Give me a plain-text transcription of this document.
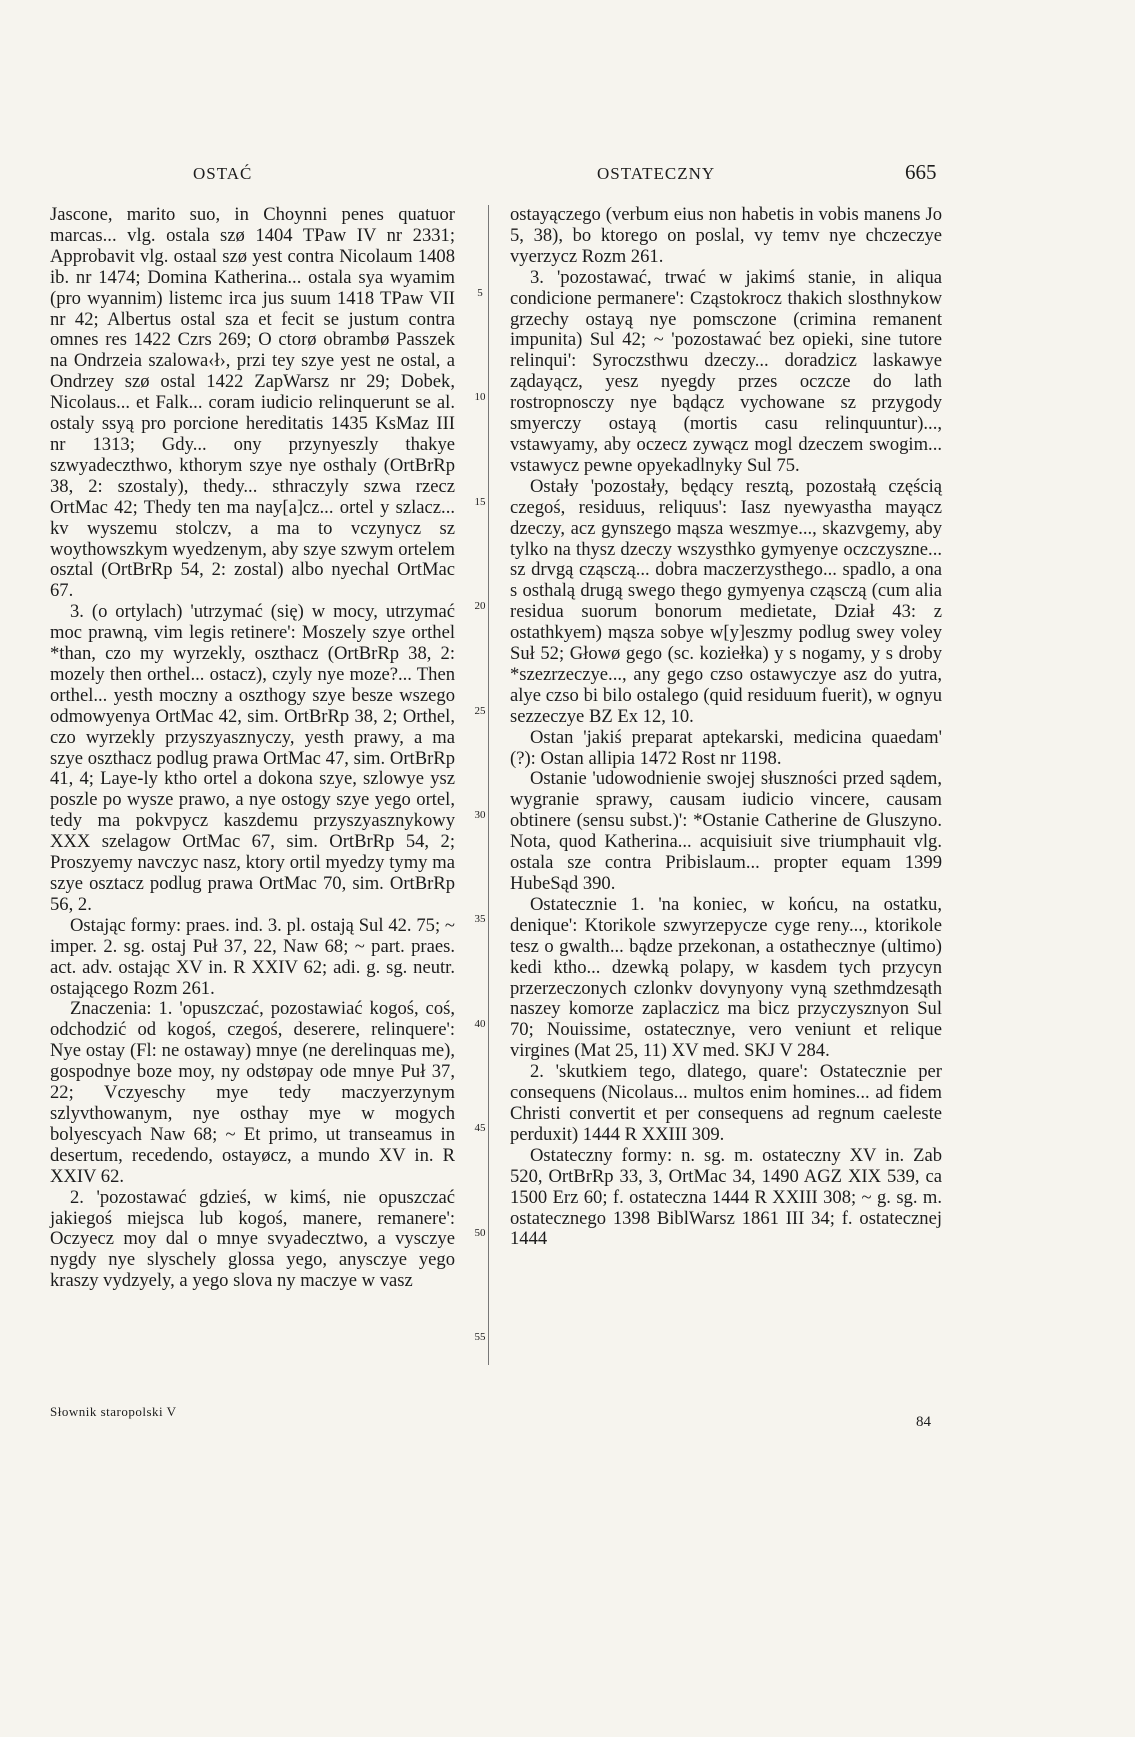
OSTAĆ	OSTATECZNY	665

Jascone, marito suo, in Choynni penes quatuor marcas... vlg. ostala szø 1404 TPaw IV nr 2331; Approbavit vlg. ostaal szø yest contra Nicolaum 1408 ib. nr 1474; Domina Katherina... ostala sya wyamim (pro wyannim) listemc irca jus suum 1418 TPaw VII nr 42; Albertus ostal sza et fecit se justum contra omnes res 1422 Czrs 269; O ctorø obrambø Passzek na Ondrzeia szalowa‹ł›, przi tey szye yest ne ostal, a Ondrzey szø ostal 1422 ZapWarsz nr 29; Dobek, Nicolaus... et Falk... coram iudicio relinquerunt se al. ostaly ssyą pro porcione hereditatis 1435 KsMaz III nr 1313; Gdy... ony przynyeszly thakye szwyadeczthwo, kthorym szye nye osthaly (OrtBrRp 38, 2: szostaly), thedy... sthraczyly szwa rzecz OrtMac 42; Thedy ten ma nay[a]cz... ortel y szlacz... kv wyszemu stolczv, a ma to vczynycz sz woythowszkym wyedzenym, aby szye szwym ortelem osztal (OrtBrRp 54, 2: zostal) albo nyechal OrtMac 67.

3. (o ortylach) 'utrzymać (się) w mocy, utrzymać moc prawną, vim legis retinere': Moszely szye orthel *than, czo my wyrzekly, oszthacz (OrtBrRp 38, 2: mozely then orthel... ostacz), czyly nye moze?... Then orthel... yesth moczny a oszthogy szye besze wszego odmowyenya OrtMac 42, sim. OrtBrRp 38, 2; Orthel, czo wyrzekly przyszyasznyczy, yesth prawy, a ma szye oszthacz podlug prawa OrtMac 47, sim. OrtBrRp 41, 4; Laye-ly ktho ortel a dokona szye, szlowye ysz poszle po wysze prawo, a nye ostogy szye yego ortel, tedy ma pokvpycz kaszdemu przyszyasznykowy XXX szelagow OrtMac 67, sim. OrtBrRp 54, 2; Proszyemy navczyc nasz, ktory ortil myedzy tymy ma szye osztacz podlug prawa OrtMac 70, sim. OrtBrRp 56, 2.

Ostając formy: praes. ind. 3. pl. ostają Sul 42. 75; ~ imper. 2. sg. ostaj Puł 37, 22, Naw 68; ~ part. praes. act. adv. ostając XV in. R XXIV 62; adi. g. sg. neutr. ostającego Rozm 261.

Znaczenia: 1. 'opuszczać, pozostawiać kogoś, coś, odchodzić od kogoś, czegoś, deserere, relinquere': Nye ostay (Fl: ne ostaway) mnye (ne derelinquas me), gospodnye boze moy, ny odstøpay ode mnye Puł 37, 22; Vczyeschy mye tedy maczyerzynym szlyvthowanym, nye osthay mye w mogych bolyescyach Naw 68; ~ Et primo, ut transeamus in desertum, recedendo, ostayøcz, a mundo XV in. R XXIV 62.

2. 'pozostawać gdzieś, w kimś, nie opuszczać jakiegoś miejsca lub kogoś, manere, remanere': Oczyecz moy dal o mnye svyadecztwo, a vysczye nygdy nye slyschely glossa yego, anysczye yego kraszy vydzyely, a yego slova ny maczye w vasz

5
10
15
20
25
30
35
40
45
50
55

ostayączego (verbum eius non habetis in vobis manens Jo 5, 38), bo ktorego on poslal, vy temv nye chczeczye vyerzycz Rozm 261.

3. 'pozostawać, trwać w jakimś stanie, in aliqua condicione permanere': Cząstokrocz thakich slosthnykow grzechy ostayą nye pomsczone (crimina remanent impunita) Sul 42; ~ 'pozostawać bez opieki, sine tutore relinqui': Syroczsthwu dzeczy... doradzicz laskawye ządayącz, yesz nyegdy przes oczcze do lath rostropnosczy nye bądącz vychowane sz przygody smyerczy ostayą (mortis casu relinquuntur)..., vstawyamy, aby oczecz zywącz mogl dzeczem swogim... vstawycz pewne opyekadlnyky Sul 75.

Ostały 'pozostały, będący resztą, pozostałą częścią czegoś, residuus, reliquus': Iasz nyewyastha mayącz dzeczy, acz gynszego mąsza weszmye..., skazvgemy, aby tylko na thysz dzeczy wszysthko gymyenye oczczyszne... sz drvgą cząsczą... dobra maczerzysthego... spadlo, a ona s osthalą drugą swego thego gymyenya cząsczą (cum alia residua suorum bonorum medietate, Dział 43: z ostathkyem) mąsza sobye w[y]eszmy podlug swey voley Suł 52; Głowø gego (sc. koziełka) y s nogamy, y s droby *szezrzeczye..., any gego czso ostawyczye asz do yutra, alye czso bi bilo ostalego (quid residuum fuerit), w ognyu sezzeczye BZ Ex 12, 10.

Ostan 'jakiś preparat aptekarski, medicina quaedam' (?): Ostan allipia 1472 Rost nr 1198.

Ostanie 'udowodnienie swojej słuszności przed sądem, wygranie sprawy, causam iudicio vincere, causam obtinere (sensu subst.)': *Ostanie Catherine de Gluszyno. Nota, quod Katherina... acquisiuit sive triumphauit vlg. ostala sze contra Pribislaum... propter equam 1399 HubeSąd 390.

Ostatecznie 1. 'na koniec, w końcu, na ostatku, denique': Ktorikole szwyrzepycze cyge reny..., ktorikole tesz o gwalth... bądze przekonan, a ostathecznye (ultimo) kedi ktho... dzewką polapy, w kasdem tych przycyn przerzeczonych czlonkv dovynyony vyną szethmdzesąth naszey komorze zaplaczicz ma bicz przyczysznyon Sul 70; Nouissime, ostatecznye, vero veniunt et relique virgines (Mat 25, 11) XV med. SKJ V 284.

2. 'skutkiem tego, dlatego, quare': Ostatecznie per consequens (Nicolaus... multos enim homines... ad fidem Christi convertit et per consequens ad regnum caeleste perduxit) 1444 R XXIII 309.

Ostateczny formy: n. sg. m. ostateczny XV in. Zab 520, OrtBrRp 33, 3, OrtMac 34, 1490 AGZ XIX 539, ca 1500 Erz 60; f. ostateczna 1444 R XXIII 308; ~ g. sg. m. ostatecznego 1398 BiblWarsz 1861 III 34; f. ostatecznej 1444

Słownik staropolski V
84
